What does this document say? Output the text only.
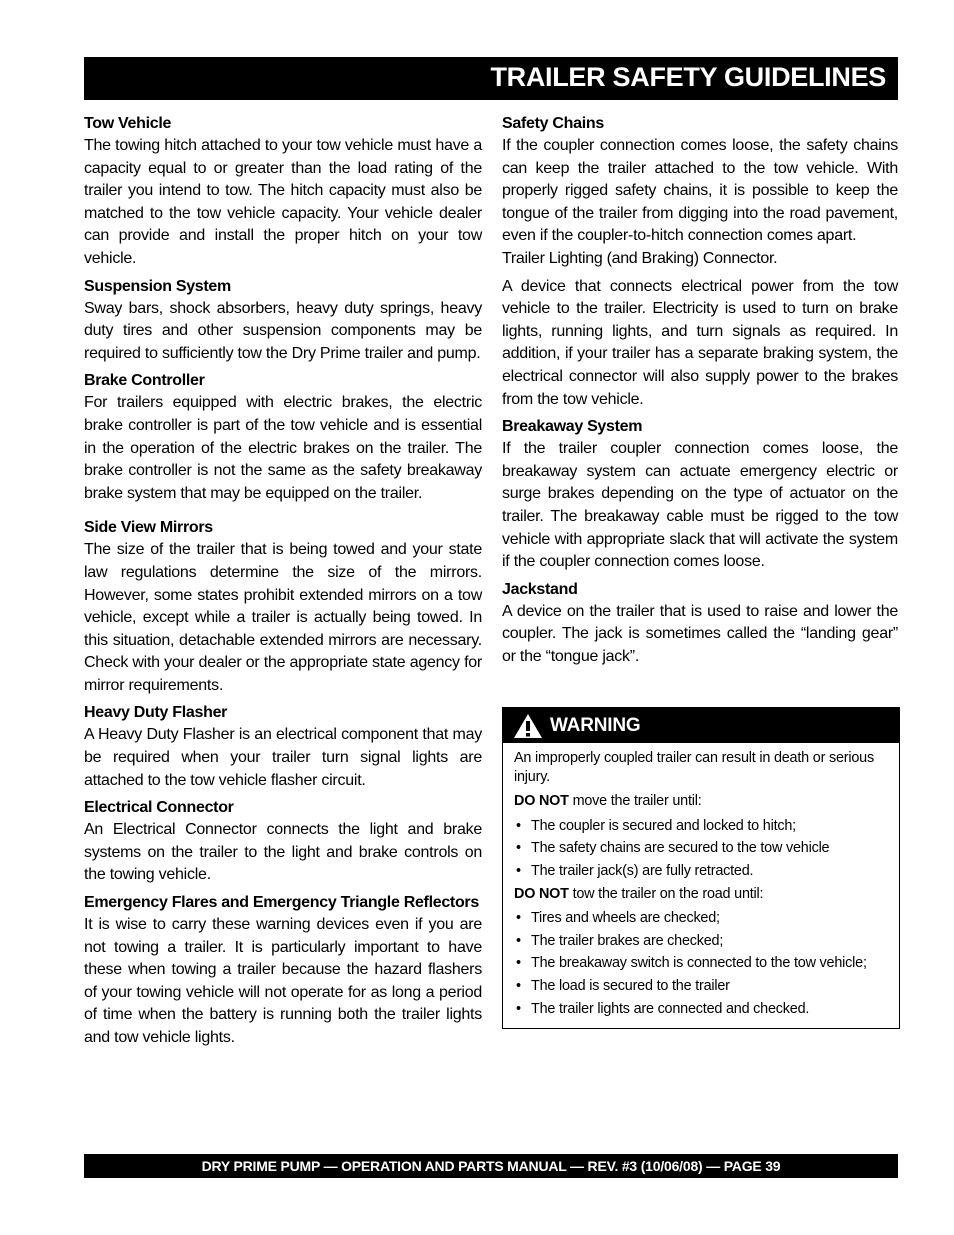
TRAILER SAFETY GUIDELINES
Tow Vehicle

The towing hitch attached to your tow vehicle must have a capacity equal to or greater than the load rating of the trailer you intend to tow. The hitch capacity must also be matched to the tow vehicle capacity. Your vehicle dealer can provide and install the proper hitch on your tow vehicle.

Suspension System

Sway bars, shock absorbers, heavy duty springs, heavy duty tires and other suspension components may be required to sufficiently tow the Dry Prime trailer and pump.

Brake Controller

For trailers equipped with electric brakes, the electric brake controller is part of the tow vehicle and is essential in the operation of the electric brakes on the trailer. The brake controller is not the same as the safety breakaway brake system that may be equipped on the trailer.

Side View Mirrors

The size of the trailer that is being towed and your state law regulations determine the size of the mirrors. However, some states prohibit extended mirrors on a tow vehicle, except while a trailer is actually being towed. In this situation, detachable extended mirrors are necessary. Check with your dealer or the appropriate state agency for mirror requirements.

Heavy Duty Flasher

A Heavy Duty Flasher is an electrical component that may be required when your trailer turn signal lights are attached to the tow vehicle flasher circuit.

Electrical Connector

An Electrical Connector connects the light and brake systems on the trailer to the light and brake controls on the towing vehicle.

Emergency Flares and Emergency Triangle Reflectors

It is wise to carry these warning devices even if you are not towing a trailer. It is particularly important to have these when towing a trailer because the hazard flashers of your towing vehicle will not operate for as long a period of time when the battery is running both the trailer lights and tow vehicle lights.

Safety Chains

If the coupler connection comes loose, the safety chains can keep the trailer attached to the tow vehicle. With properly rigged safety chains, it is possible to keep the tongue of the trailer from digging into the road pavement, even if the coupler-to-hitch connection comes apart.

Trailer Lighting (and Braking) Connector.

A device that connects electrical power from the tow vehicle to the trailer. Electricity is used to turn on brake lights, running lights, and turn signals as required. In addition, if your trailer has a separate braking system, the electrical connector will also supply power to the brakes from the tow vehicle.

Breakaway System

If the trailer coupler connection comes loose, the breakaway system can actuate emergency electric or surge brakes depending on the type of actuator on the trailer. The breakaway cable must be rigged to the tow vehicle with appropriate slack that will activate the system if the coupler connection comes loose.

Jackstand

A device on the trailer that is used to raise and lower the coupler. The jack is sometimes called the “landing gear” or the “tongue jack”.

WARNING

An improperly coupled trailer can result in death or serious injury.

DO NOT move the trailer until:

• The coupler is secured and locked to hitch;
• The safety chains are secured to the tow vehicle
• The trailer jack(s) are fully retracted.

DO NOT tow the trailer on the road until:

• Tires and wheels are checked;
• The trailer brakes are checked;
• The breakaway switch is connected to the tow vehicle;
• The load is secured to the trailer
• The trailer lights are connected and checked.
DRY PRIME PUMP — OPERATION AND PARTS MANUAL — REV. #3 (10/06/08) — PAGE 39
